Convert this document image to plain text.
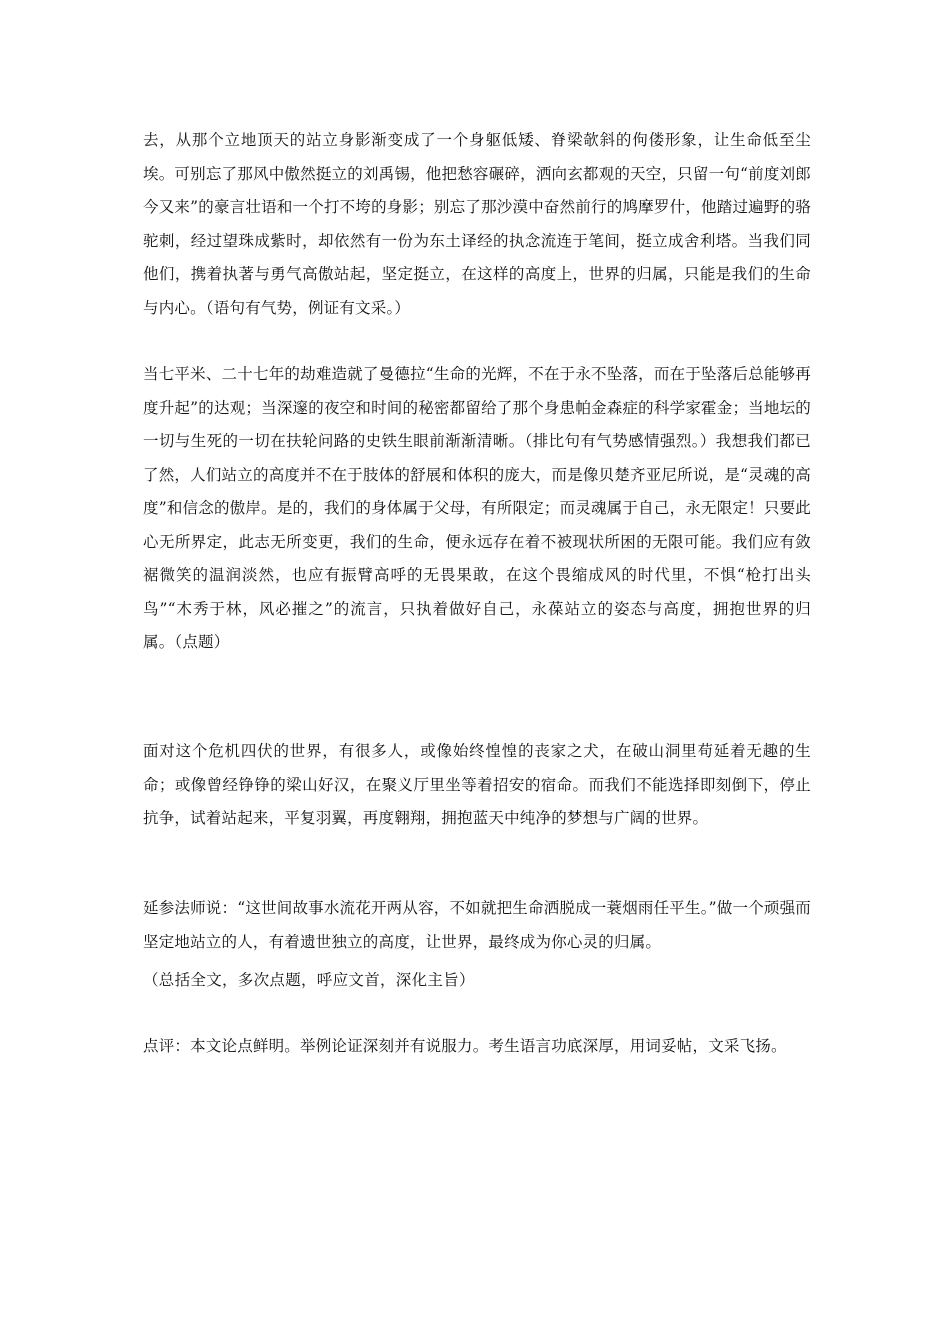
去，从那个立地顶天的站立身影渐变成了一个身躯低矮、脊梁欹斜的佝偻形象，让生命低至尘埃。可别忘了那风中傲然挺立的刘禹锡，他把愁容碾碎，洒向玄都观的天空，只留一句“前度刘郎今又来”的豪言壮语和一个打不垮的身影；别忘了那沙漠中奋然前行的鸠摩罗什，他踏过遍野的骆驼刺，经过望珠成紫时，却依然有一份为东土译经的执念流连于笔间，挺立成舍利塔。当我们同他们，携着执著与勇气高傲站起，坚定挺立，在这样的高度上，世界的归属，只能是我们的生命与内心。（语句有气势，例证有文采。）

当七平米、二十七年的劫难造就了曼德拉“生命的光辉，不在于永不坠落，而在于坠落后总能够再度升起”的达观；当深邃的夜空和时间的秘密都留给了那个身患帕金森症的科学家霍金；当地坛的一切与生死的一切在扶轮问路的史铁生眼前渐渐清晰。（排比句有气势感情强烈。）我想我们都已了然，人们站立的高度并不在于肢体的舒展和体积的庞大，而是像贝楚齐亚尼所说，是“灵魂的高度”和信念的傲岸。是的，我们的身体属于父母，有所限定；而灵魂属于自己，永无限定！只要此心无所界定，此志无所变更，我们的生命，便永远存在着不被现状所困的无限可能。我们应有敛裾微笑的温润淡然，也应有振臂高呼的无畏果敢，在这个畏缩成风的时代里，不惧“枪打出头鸟”“木秀于林，风必摧之”的流言，只执着做好自己，永葆站立的姿态与高度，拥抱世界的归属。（点题）

面对这个危机四伏的世界，有很多人，或像始终惶惶的丧家之犬，在破山洞里苟延着无趣的生命；或像曾经铮铮的梁山好汉，在聚义厅里坐等着招安的宿命。而我们不能选择即刻倒下，停止抗争，试着站起来，平复羽翼，再度翱翔，拥抱蓝天中纯净的梦想与广阔的世界。

延参法师说：“这世间故事水流花开两从容，不如就把生命洒脱成一蓑烟雨任平生。”做一个顽强而坚定地站立的人，有着遗世独立的高度，让世界，最终成为你心灵的归属。

（总括全文，多次点题，呼应文首，深化主旨）

点评：本文论点鲜明。举例论证深刻并有说服力。考生语言功底深厚，用词妥帖，文采飞扬。
